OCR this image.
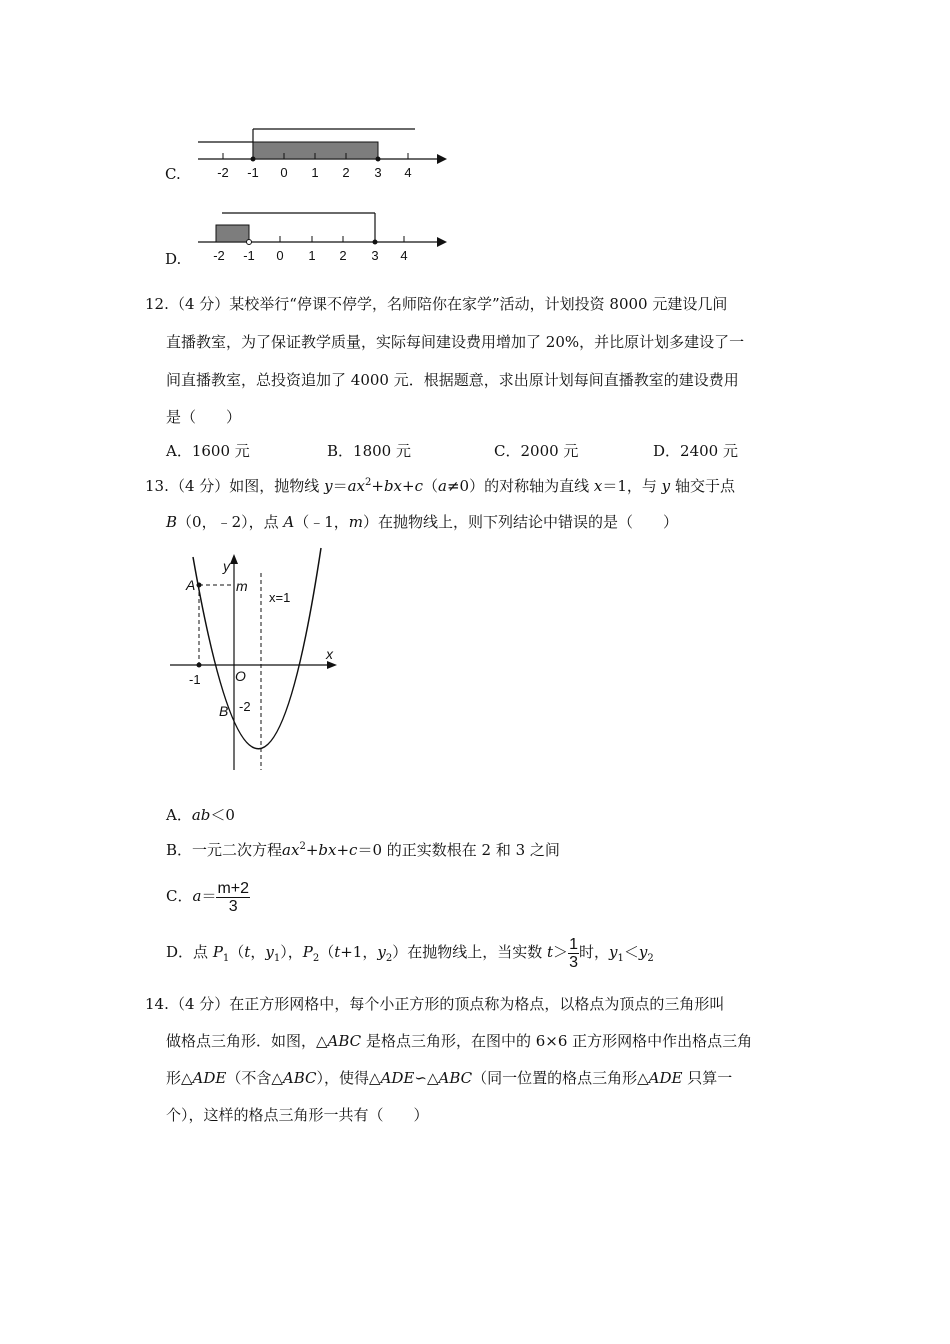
C.	-2 -1 0 1 2 3 4
D. -2 -1 0 1 2 3 4
12. （4 分）某校举行“停课不停学，名师陪你在家学”活动，计划投资 8000 元建设几间
直播教室，为了保证教学质量，实际每间建设费用增加了 20%，并比原计划多建设了一
间直播教室，总投资追加了 4000 元．根据题意，求出原计划每间直播教室的建设费用
是（　　）
A．1600 元	B．1800 元	C．2000 元	D．2400 元
13. （4 分）如图，抛物线 $y=ax^2+bx+c(a\ne 0)$的对称轴为直线 x＝1，与 y 轴交于点
B（0，﹣2），点 A（﹣1，m）在抛物线上，则下列结论中错误的是（　　）
y
x
A	m
O
B
x=1
-1
-2
A．ab＜0
B．一元二次方程$ax^2+bx+c=0$ 的正实数根在 2 和 3 之间
C．$a= \frac{m+2}{3}$
D．点 $P_1(t$，$y_1$），$P_2(t+1$，$y_2$）在抛物线上，当实数 $t> \frac{1}{3}$ 时，$y_1<y_2$
14. （4 分）在正方形网格中，每个小正方形的顶点称为格点，以格点为顶点的三角形叫
做格点三角形．如图，△ABC 是格点三角形，在图中的 6×6 正方形网格中作出格点三角
形△ADE（不含△ABC），使得△ADE∽△ABC（同一位置的格点三角形△ADE 只算一
个），这样的格点三角形一共有（　　）
